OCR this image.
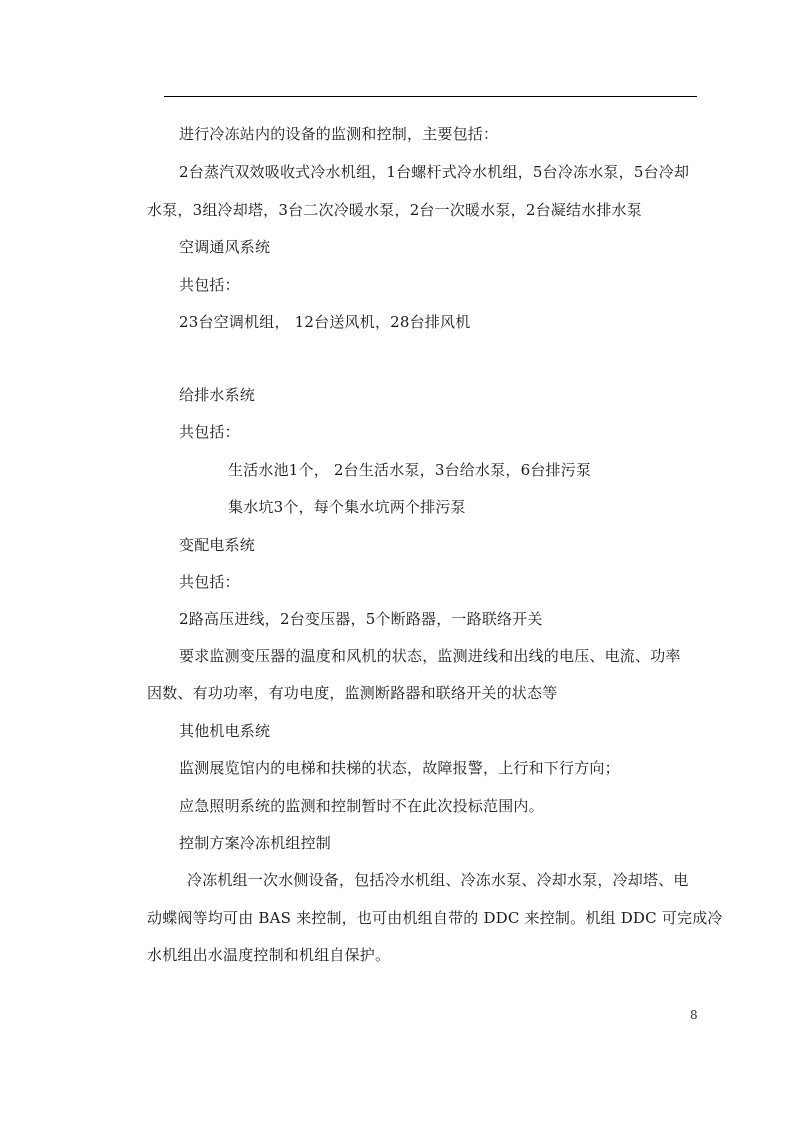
进行冷冻站内的设备的监测和控制，主要包括：
2台蒸汽双效吸收式冷水机组，1台螺杆式冷水机组，5台冷冻水泵，5台冷却
水泵，3组冷却塔，3台二次冷暖水泵，2台一次暖水泵，2台凝结水排水泵
空调通风系统
共包括：
23台空调机组， 12台送风机，28台排风机
给排水系统
共包括：
生活水池1个， 2台生活水泵，3台给水泵，6台排污泵
集水坑3个，每个集水坑两个排污泵
变配电系统
共包括：
2路高压进线，2台变压器，5个断路器，一路联络开关
要求监测变压器的温度和风机的状态，监测进线和出线的电压、电流、功率
因数、有功功率，有功电度，监测断路器和联络开关的状态等
其他机电系统
监测展览馆内的电梯和扶梯的状态，故障报警，上行和下行方向；
应急照明系统的监测和控制暂时不在此次投标范围内。
控制方案冷冻机组控制
冷冻机组一次水侧设备，包括冷水机组、冷冻水泵、冷却水泵，冷却塔、电
动蝶阀等均可由 BAS 来控制，也可由机组自带的 DDC 来控制。机组 DDC 可完成冷
水机组出水温度控制和机组自保护。
8
